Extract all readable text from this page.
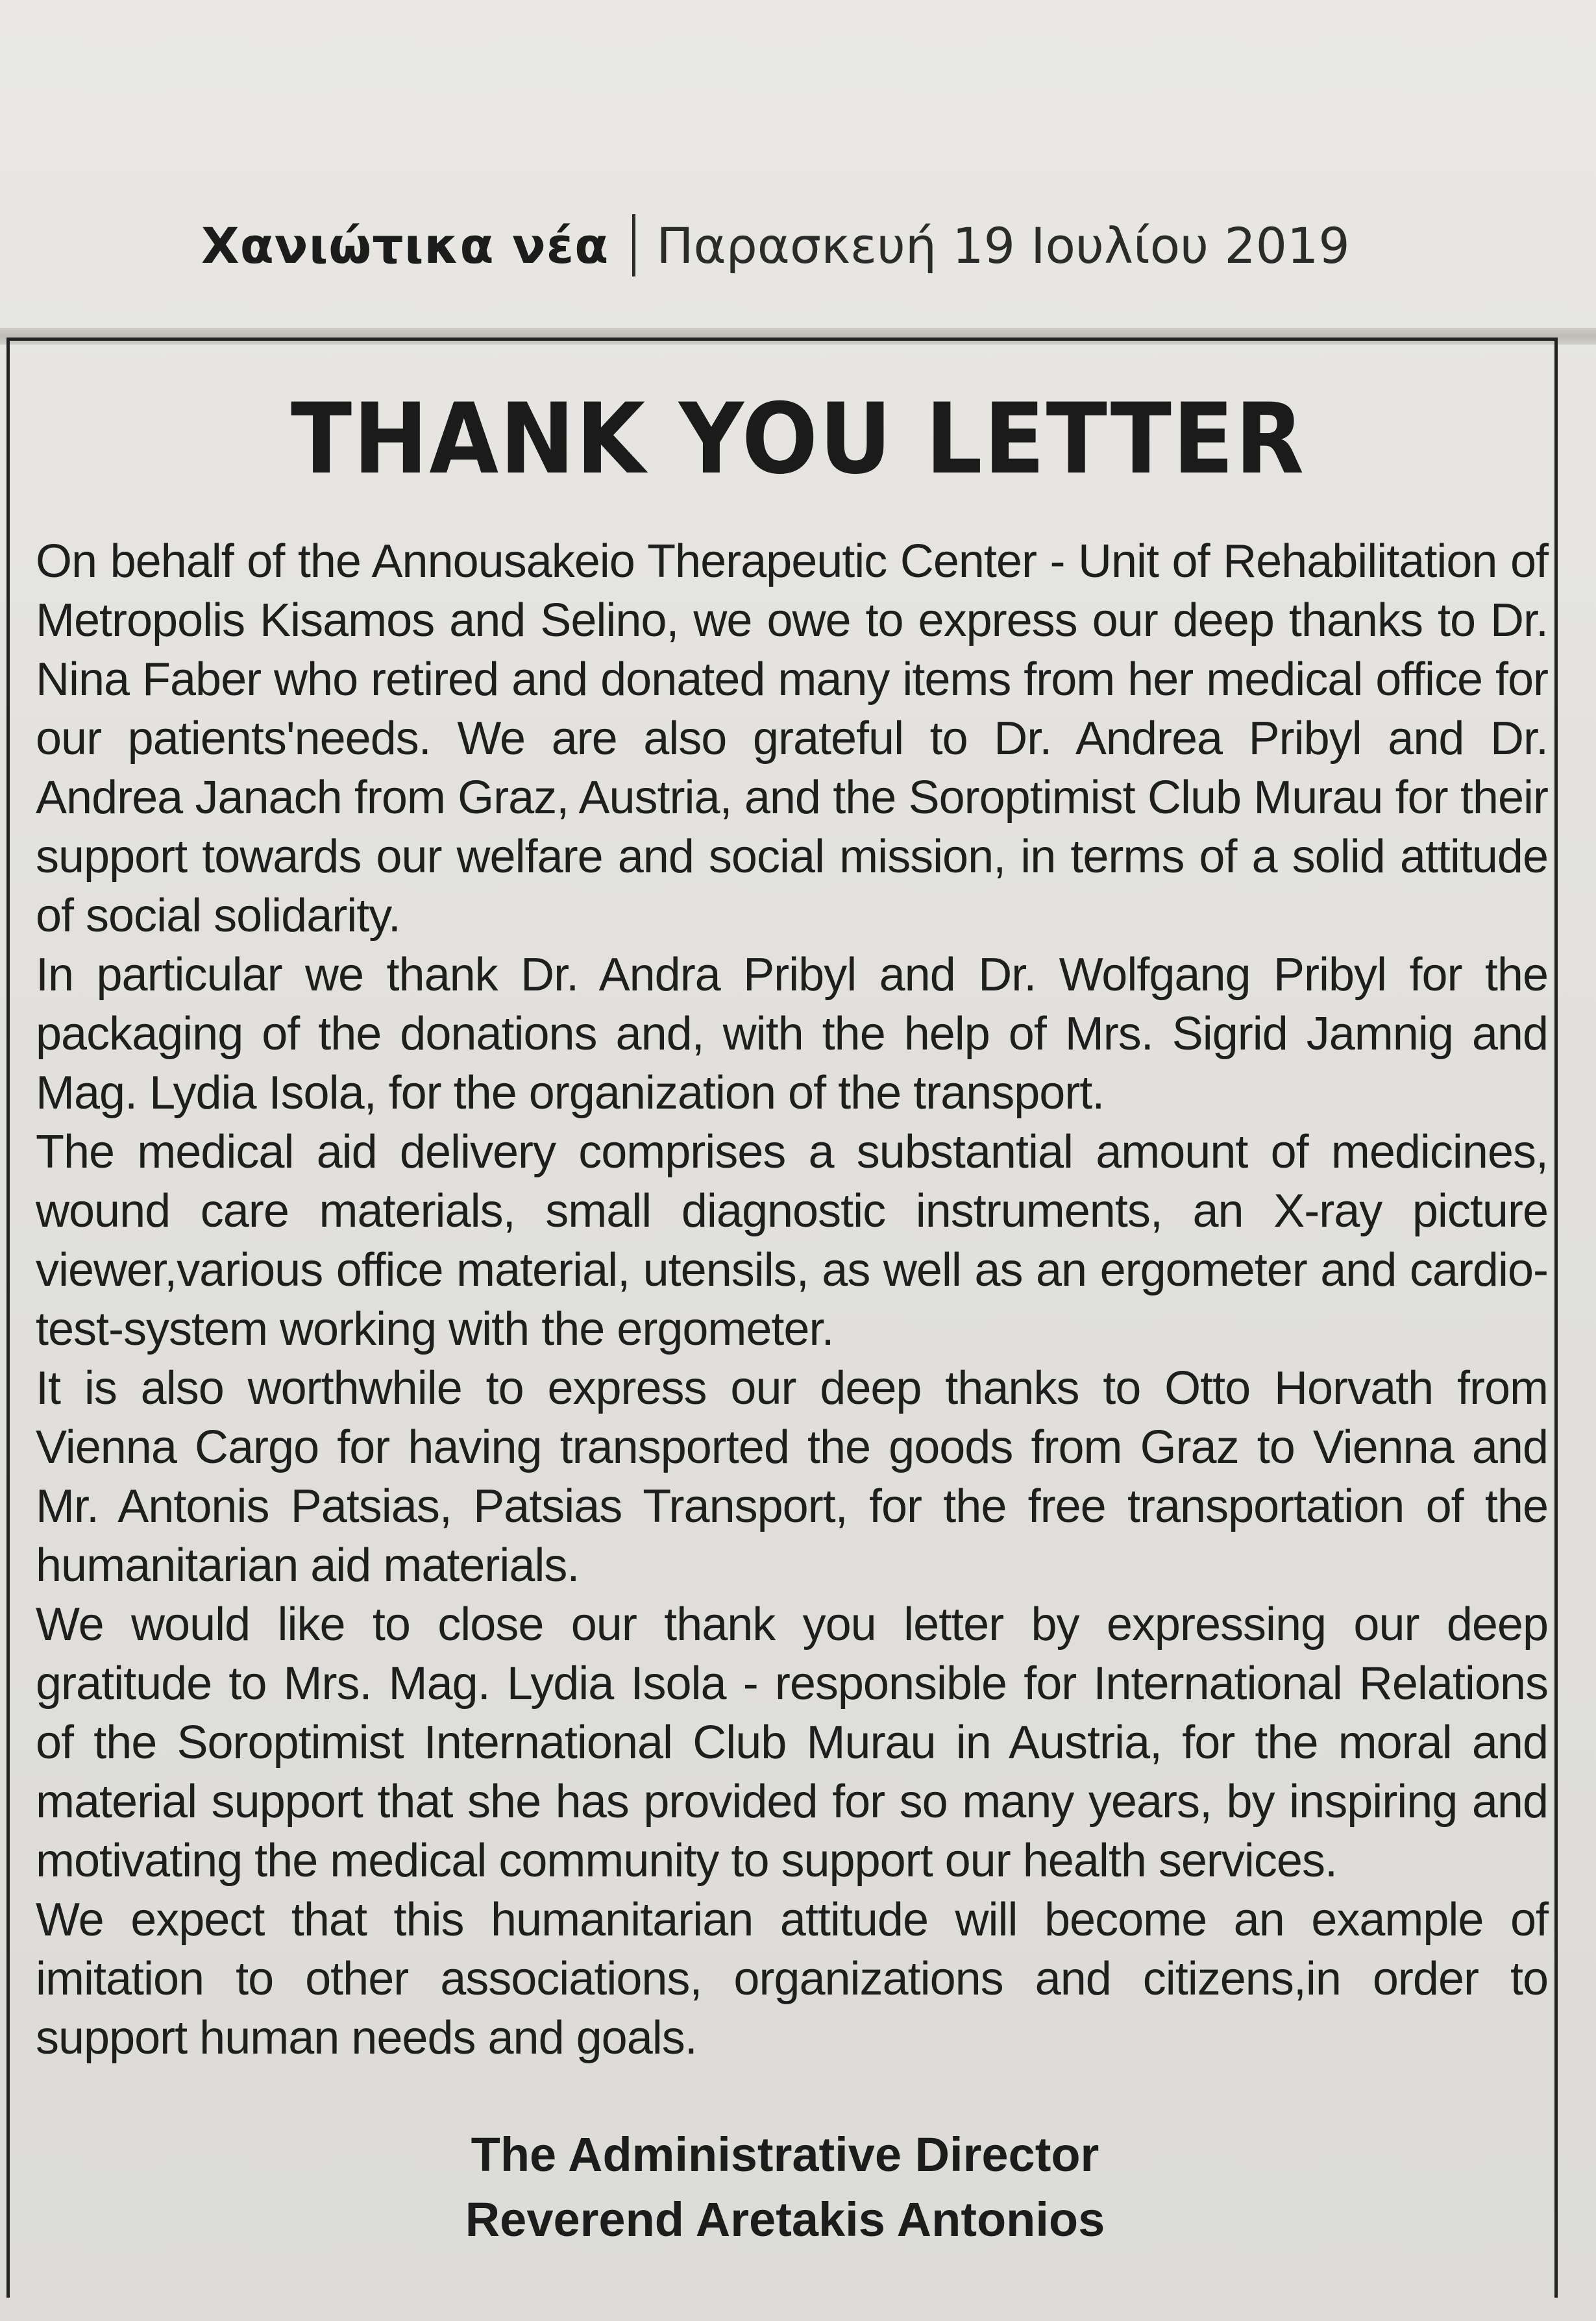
Χανιώτικα νέα Παρασκευή 19 Ιουλίου 2019
THANK YOU LETTER

On behalf of the Annousakeio Therapeutic Center - Unit of Rehabilitation of Metropolis Kisamos and Selino, we owe to express our deep thanks to Dr. Nina Faber who retired and donated many items from her medical office for our patients'needs. We are also grateful to Dr. Andrea Pribyl and Dr. Andrea Janach from Graz, Austria, and the Soroptimist Club Murau for their support towards our welfare and social mission, in terms of a solid attitude of social solidarity.

In particular we thank Dr. Andra Pribyl and Dr. Wolfgang Pribyl for the packaging of the donations and, with the help of Mrs. Sigrid Jamnig and Mag. Lydia Isola, for the organization of the transport.

The medical aid delivery comprises a substantial amount of medicines, wound care materials, small diagnostic instruments, an X-ray picture viewer,various office material, utensils, as well as an ergometer and cardio- test-system working with the ergometer.

It is also worthwhile to express our deep thanks to Otto Horvath from Vienna Cargo for having transported the goods from Graz to Vienna and Mr. Antonis Patsias, Patsias Transport, for the free transportation of the humanitarian aid materials.

We would like to close our thank you letter by expressing our deep gratitude to Mrs. Mag. Lydia Isola - responsible for International Relations of the Soroptimist International Club Murau in Austria, for the moral and material support that she has provided for so many years, by inspiring and motivating the medical community to support our health services.

We expect that this humanitarian attitude will become an example of imitation to other associations, organizations and citizens,in order to support human needs and goals.

The Administrative Director
Reverend Aretakis Antonios
